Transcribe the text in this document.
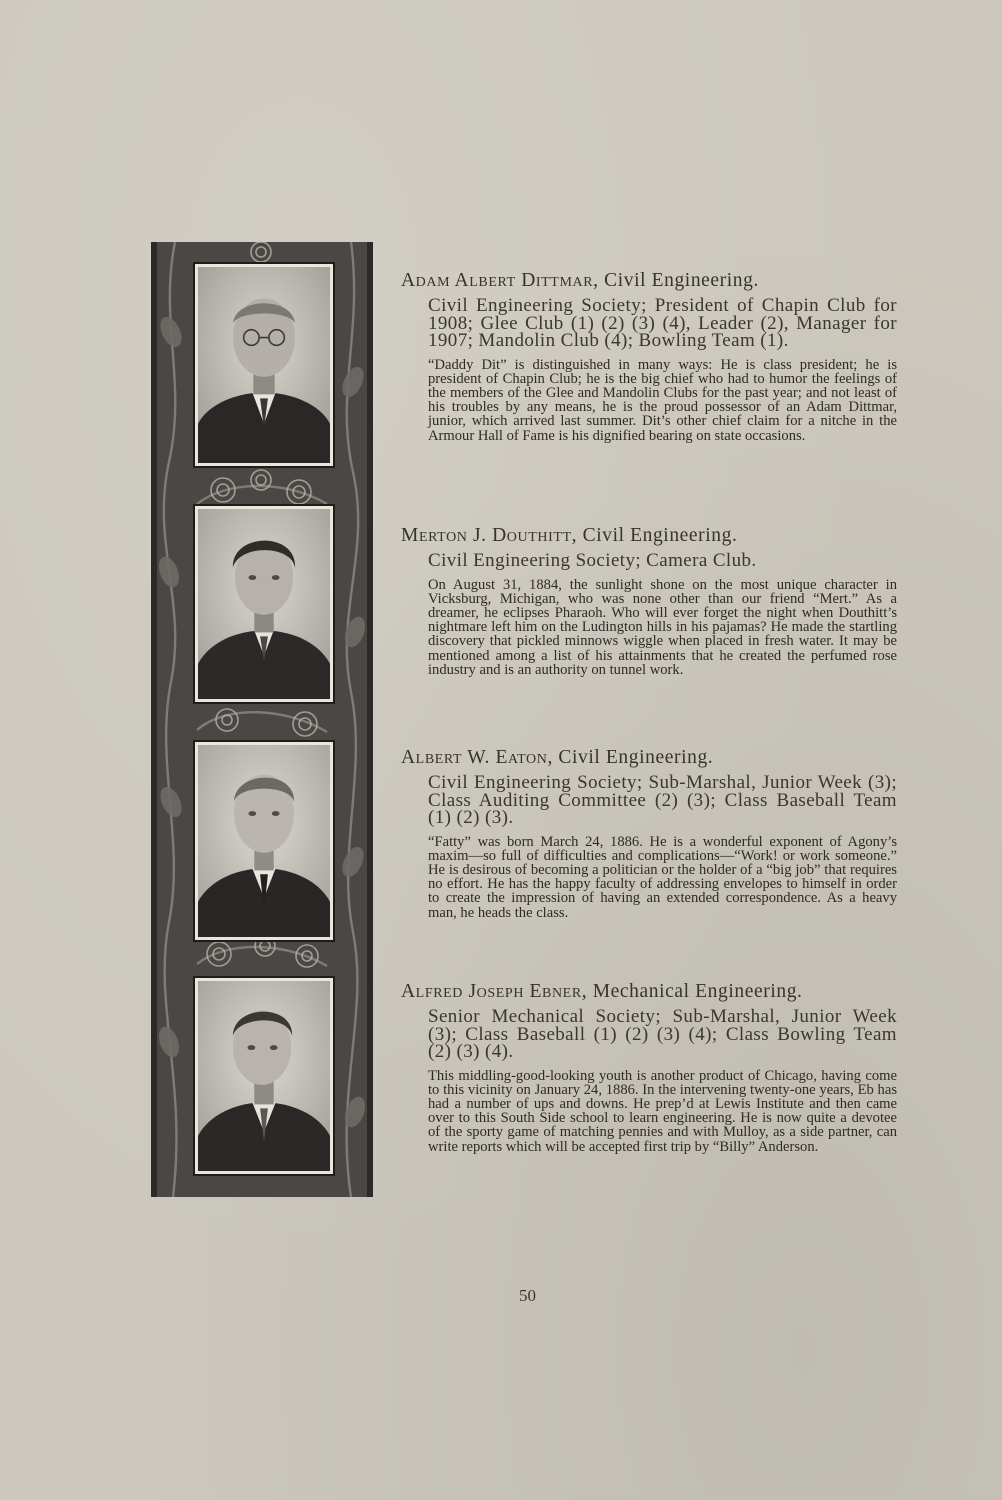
Adam Albert Dittmar, Civil Engineering.
Civil Engineering Society; President of Chapin Club for 1908; Glee Club (1) (2) (3) (4), Leader (2), Manager for 1907; Mandolin Club (4); Bowling Team (1).
“Daddy Dit” is distinguished in many ways: He is class president; he is president of Chapin Club; he is the big chief who had to humor the feelings of the members of the Glee and Mandolin Clubs for the past year; and not least of his troubles by any means, he is the proud possessor of an Adam Dittmar, junior, which arrived last summer. Dit’s other chief claim for a nitche in the Armour Hall of Fame is his dignified bearing on state occasions.
Merton J. Douthitt, Civil Engineering.
Civil Engineering Society; Camera Club.
On August 31, 1884, the sunlight shone on the most unique character in Vicksburg, Michigan, who was none other than our friend “Mert.” As a dreamer, he eclipses Pharaoh. Who will ever forget the night when Douthitt’s nightmare left him on the Ludington hills in his pajamas? He made the startling discovery that pickled minnows wiggle when placed in fresh water. It may be mentioned among a list of his attainments that he created the perfumed rose industry and is an authority on tunnel work.
Albert W. Eaton, Civil Engineering.
Civil Engineering Society; Sub-Marshal, Junior Week (3); Class Auditing Committee (2) (3); Class Baseball Team (1) (2) (3).
“Fatty” was born March 24, 1886. He is a wonderful exponent of Agony’s maxim—so full of difficulties and complications—“Work! or work someone.” He is desirous of becoming a politician or the holder of a “big job” that requires no effort. He has the happy faculty of addressing envelopes to himself in order to create the impression of having an extended correspondence. As a heavy man, he heads the class.
Alfred Joseph Ebner, Mechanical Engineering.
Senior Mechanical Society; Sub-Marshal, Junior Week (3); Class Baseball (1) (2) (3) (4); Class Bowling Team (2) (3) (4).
This middling-good-looking youth is another product of Chicago, having come to this vicinity on January 24, 1886. In the intervening twenty-one years, Eb has had a number of ups and downs. He prep’d at Lewis Institute and then came over to this South Side school to learn engineering. He is now quite a devotee of the sporty game of matching pennies and with Mulloy, as a side partner, can write reports which will be accepted first trip by “Billy” Anderson.
50
